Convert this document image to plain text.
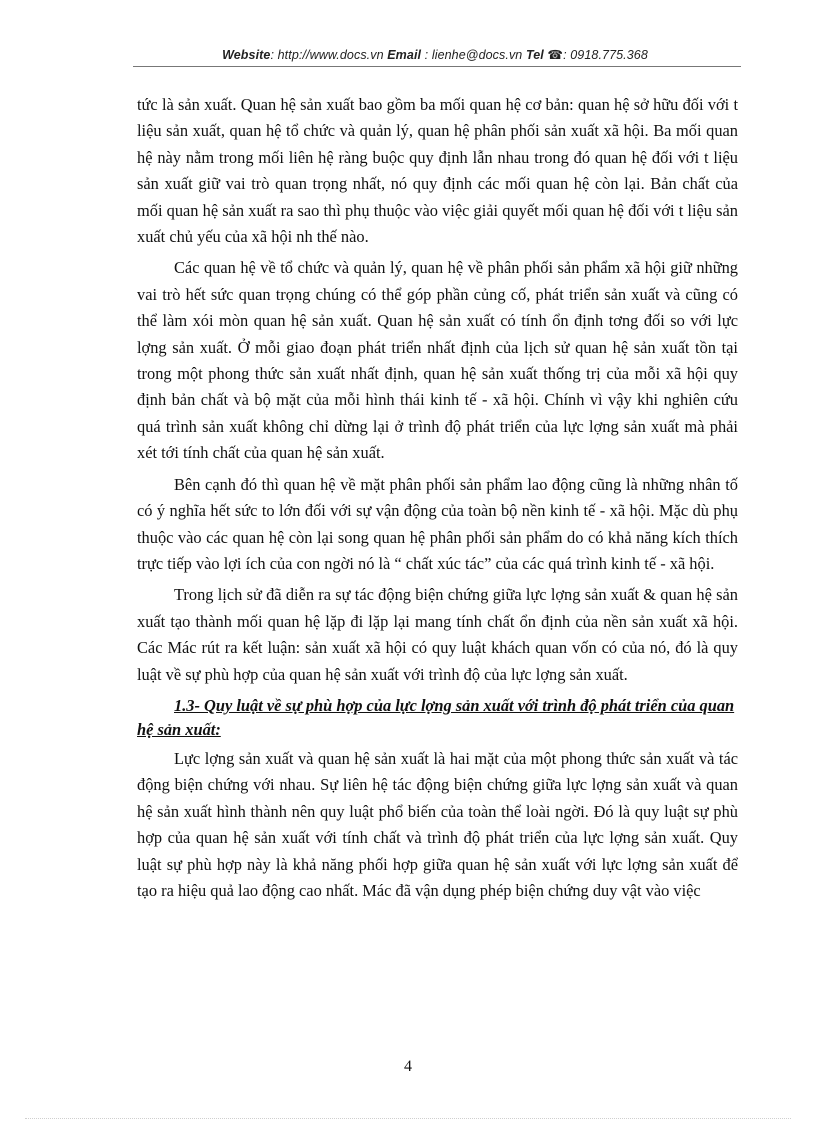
Website: http://www.docs.vn Email : lienhe@docs.vn Tel ☎: 0918.775.368

tức là sản xuất. Quan hệ sản xuất bao gồm ba mối quan hệ cơ bản: quan hệ sở hữu đối với t liệu sản xuất, quan hệ tổ chức và quản lý, quan hệ phân phối sản xuất xã hội. Ba mối quan hệ này nằm trong mối liên hệ ràng buộc quy định lẫn nhau trong đó quan hệ đối với t liệu sản xuất giữ vai trò quan trọng nhất, nó quy định các mối quan hệ còn lại. Bản chất của mối quan hệ sản xuất ra sao thì phụ thuộc vào việc giải quyết mối quan hệ đối với t liệu sản xuất chủ yếu của xã hội nh thế nào.

Các quan hệ về tổ chức và quản lý, quan hệ về phân phối sản phẩm xã hội giữ những vai trò hết sức quan trọng chúng có thể góp phần củng cố, phát triển sản xuất và cũng có thể làm xói mòn quan hệ sản xuất. Quan hệ sản xuất có tính ổn định tơng đối so với lực lợng sản xuất. Ở mỗi giao đoạn phát triển nhất định của lịch sử quan hệ sản xuất tồn tại trong một phong thức sản xuất nhất định, quan hệ sản xuất thống trị của mỗi xã hội quy định bản chất và bộ mặt của mỗi hình thái kinh tế - xã hội. Chính vì vậy khi nghiên cứu quá trình sản xuất không chỉ dừng lại ở trình độ phát triển của lực lợng sản xuất mà phải xét tới tính chất của quan hệ sản xuất.

Bên cạnh đó thì quan hệ về mặt phân phối sản phẩm lao động cũng là những nhân tố có ý nghĩa hết sức to lớn đối với sự vận động của toàn bộ nền kinh tế - xã hội. Mặc dù phụ thuộc vào các quan hệ còn lại song quan hệ phân phối sản phẩm do có khả năng kích thích trực tiếp vào lợi ích của con ngời nó là “ chất xúc tác” của các quá trình kinh tế - xã hội.

Trong lịch sử đã diễn ra sự tác động biện chứng giữa lực lợng sản xuất & quan hệ sản xuất tạo thành mối quan hệ lặp đi lặp lại mang tính chất ổn định của nền sản xuất xã hội. Các Mác rút ra kết luận: sản xuất xã hội có quy luật khách quan vốn có của nó, đó là quy luật về sự phù hợp của quan hệ sản xuất với trình độ của lực lợng sản xuất.

1.3- Quy luật về sự phù hợp của lực lợng sản xuất với trình độ phát triển của quan hệ sản xuất:

Lực lợng sản xuất và quan hệ sản xuất là hai mặt của một phong thức sản xuất và tác động biện chứng với nhau. Sự liên hệ tác động biện chứng giữa lực lợng sản xuất và quan hệ sản xuất hình thành nên quy luật phổ biến của toàn thể loài ngời. Đó là quy luật sự phù hợp của quan hệ sản xuất với tính chất và trình độ phát triển của lực lợng sản xuất. Quy luật sự phù hợp này là khả năng phối hợp giữa quan hệ sản xuất với lực lợng sản xuất để tạo ra hiệu quả lao động cao nhất. Mác đã vận dụng phép biện chứng duy vật vào việc

4
